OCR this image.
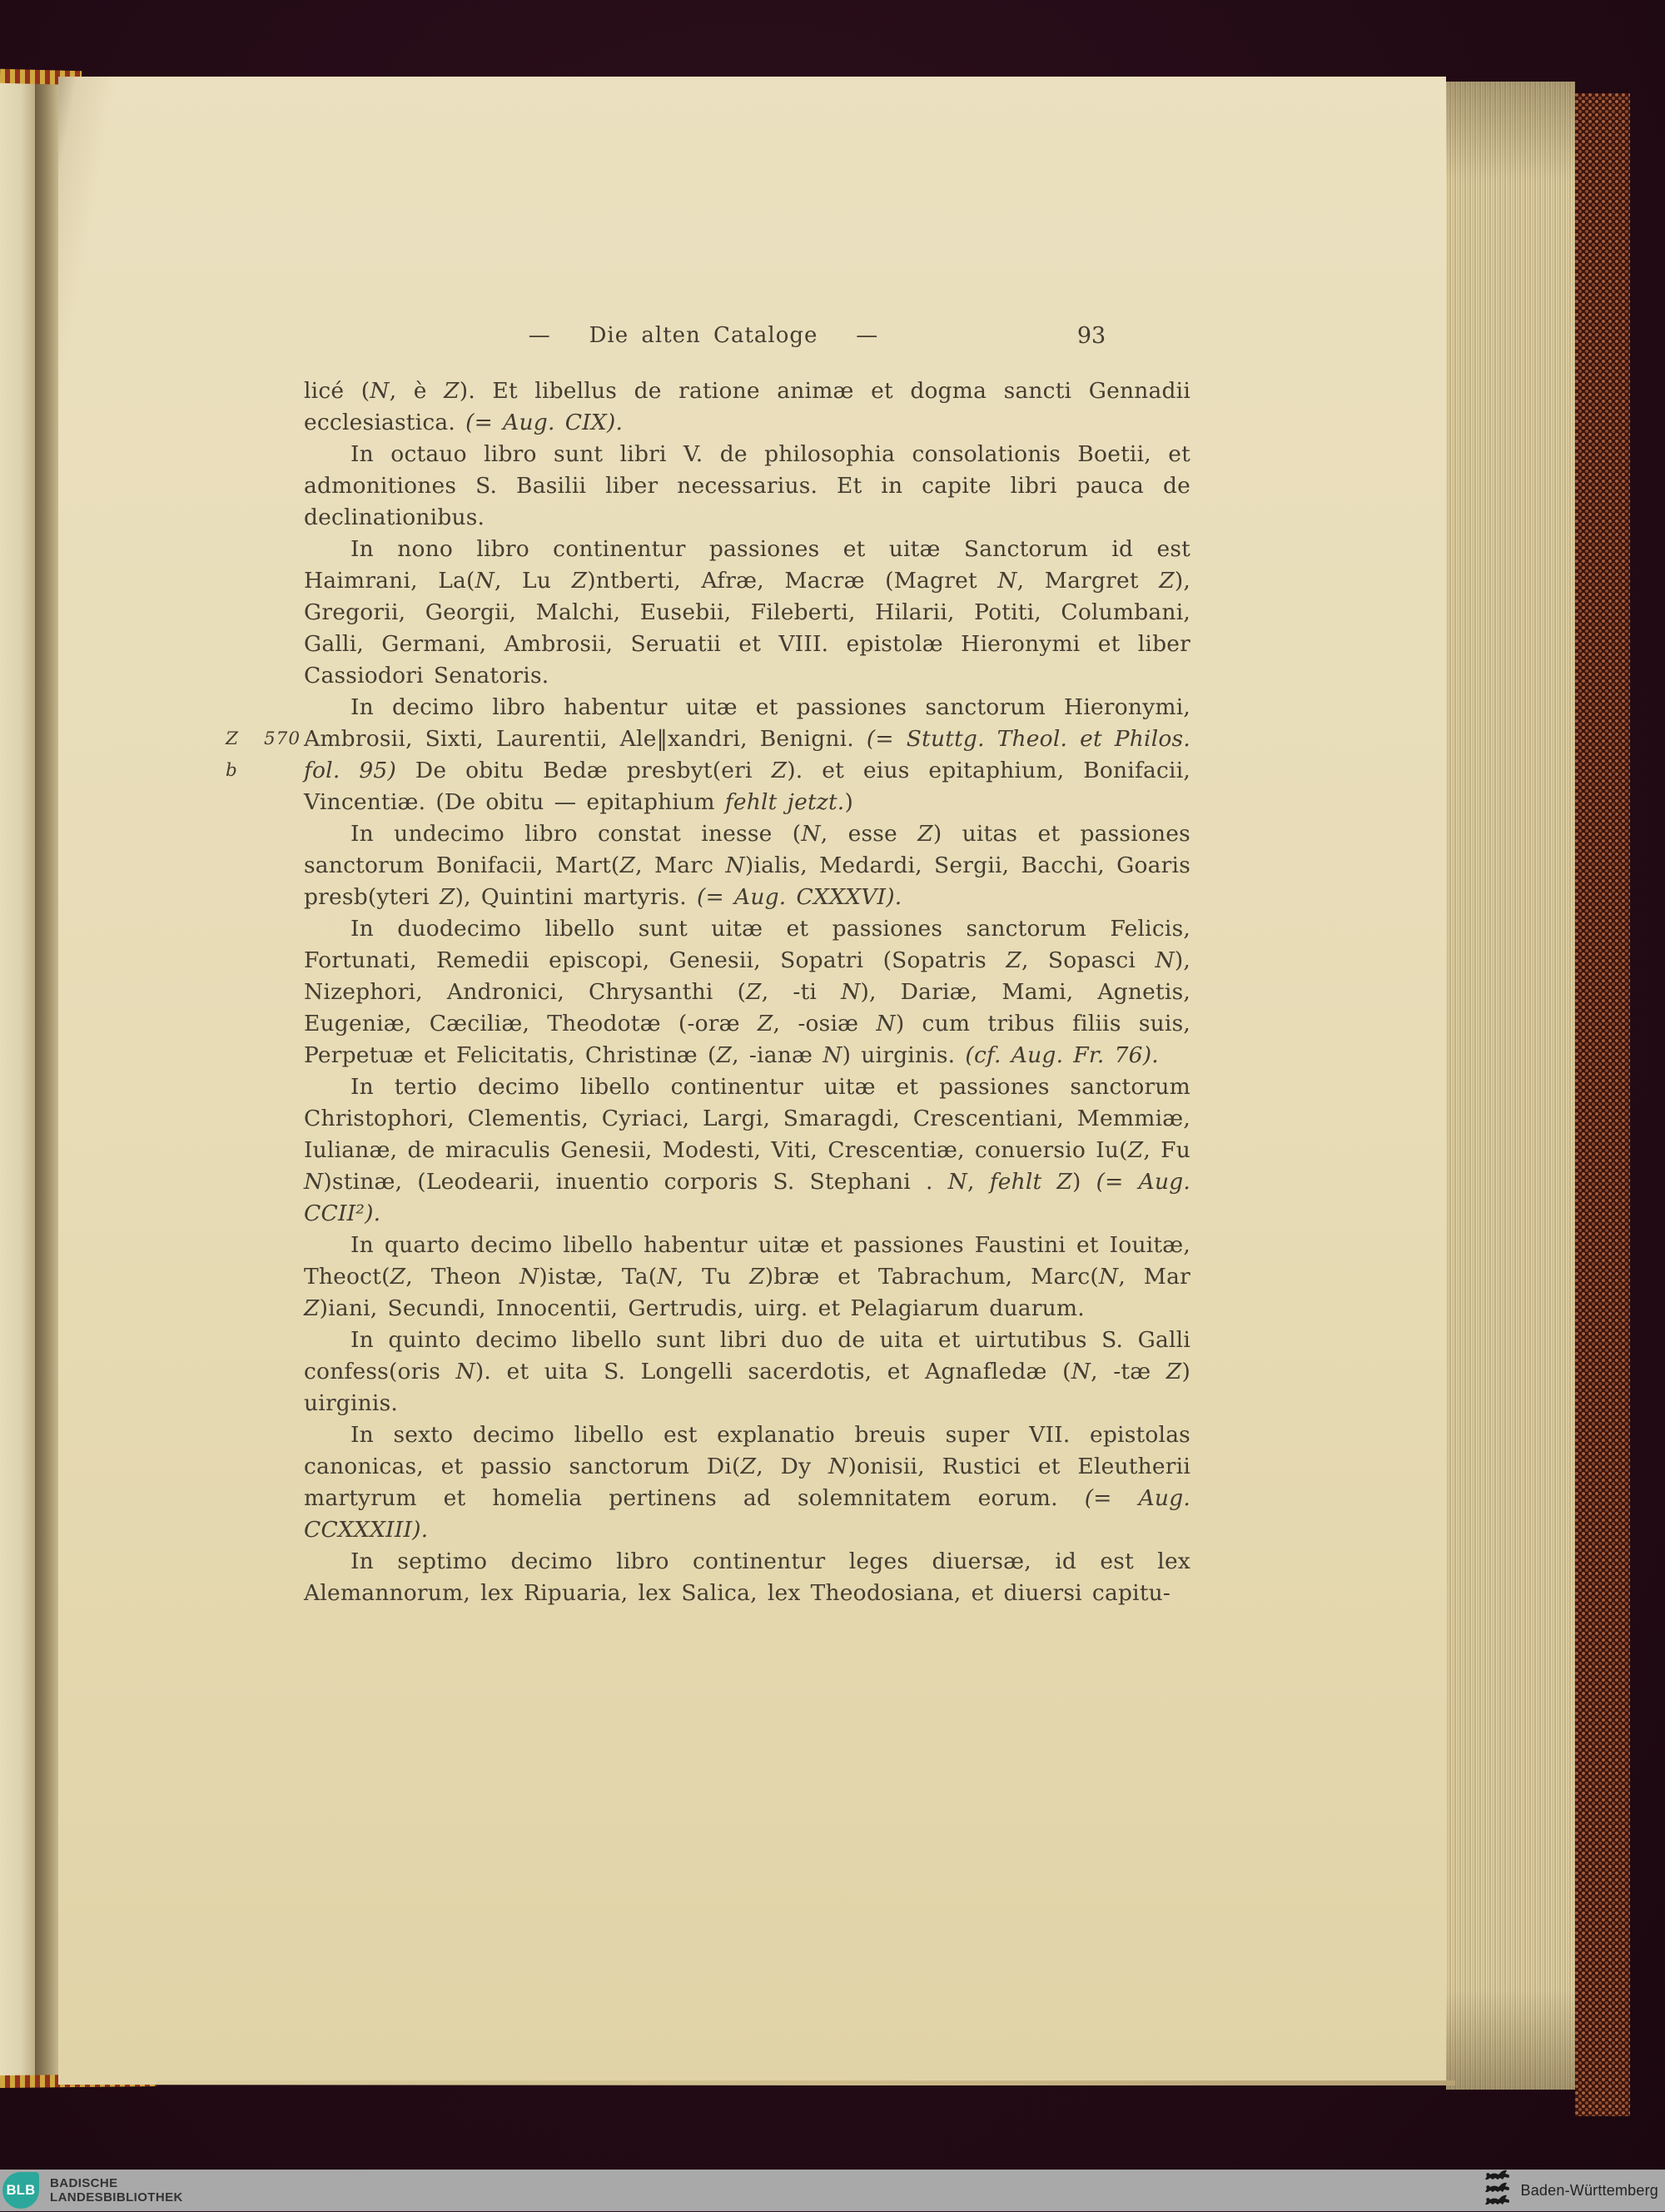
— Die alten Cataloge —	93

licé (N, è Z). Et libellus de ratione animæ et dogma sancti Gennadii ecclesiastica. (= Aug. CIX).

In octauo libro sunt libri V. de philosophia consolationis Boetii, et admonitiones S. Basilii liber necessarius. Et in capite libri pauca de declinationibus.

In nono libro continentur passiones et uitæ Sanctorum id est Haimrani, La(N, Lu Z)ntberti, Afræ, Macræ (Magret N, Margret Z), Gregorii, Georgii, Malchi, Eusebii, Fileberti, Hilarii, Potiti, Columbani, Galli, Germani, Ambrosii, Seruatii et VIII. epistolæ Hieronymi et liber Cassiodori Senatoris.

Z 570 b
In decimo libro habentur uitæ et passiones sanctorum Hieronymi, Ambrosii, Sixti, Laurentii, Ale‖xandri, Benigni. (= Stuttg. Theol. et Philos. fol. 95) De obitu Bedæ presbyt(eri Z). et eius epitaphium, Bonifacii, Vincentiæ. (De obitu — epitaphium fehlt jetzt.)

In undecimo libro constat inesse (N, esse Z) uitas et passiones sanctorum Bonifacii, Mart(Z, Marc N)ialis, Medardi, Sergii, Bacchi, Goaris presb(yteri Z), Quintini martyris. (= Aug. CXXXVI).

In duodecimo libello sunt uitæ et passiones sanctorum Felicis, Fortunati, Remedii episcopi, Genesii, Sopatri (Sopatris Z, Sopasci N), Nizephori, Andronici, Chrysanthi (Z, -ti N), Dariæ, Mami, Agnetis, Eugeniæ, Cæciliæ, Theodotæ (-oræ Z, -osiæ N) cum tribus filiis suis, Perpetuæ et Felicitatis, Christinæ (Z, -ianæ N) uirginis. (cf. Aug. Fr. 76).

In tertio decimo libello continentur uitæ et passiones sanctorum Christophori, Clementis, Cyriaci, Largi, Smaragdi, Crescentiani, Memmiæ, Iulianæ, de miraculis Genesii, Modesti, Viti, Crescentiæ, conuersio Iu(Z, Fu N)stinæ, (Leodearii, inuentio corporis S. Stephani . N, fehlt Z) (= Aug. CCII²).

In quarto decimo libello habentur uitæ et passiones Faustini et Iouitæ, Theoct(Z, Theon N)istæ, Ta(N, Tu Z)bræ et Tabrachum, Marc(N, Mar Z)iani, Secundi, Innocentii, Gertrudis, uirg. et Pelagiarum duarum.

In quinto decimo libello sunt libri duo de uita et uirtutibus S. Galli confess(oris N). et uita S. Longelli sacerdotis, et Agnafledæ (N, -tæ Z) uirginis.

In sexto decimo libello est explanatio breuis super VII. epistolas canonicas, et passio sanctorum Di(Z, Dy N)onisii, Rustici et Eleutherii martyrum et homelia pertinens ad solemnitatem eorum. (= Aug. CCXXXIII).

In septimo decimo libro continentur leges diuersæ, id est lex Alemannorum, lex Ripuaria, lex Salica, lex Theodosiana, et diuersi capitu-

BLB BADISCHE
LANDESBIBLIOTHEK	Baden-Württemberg
